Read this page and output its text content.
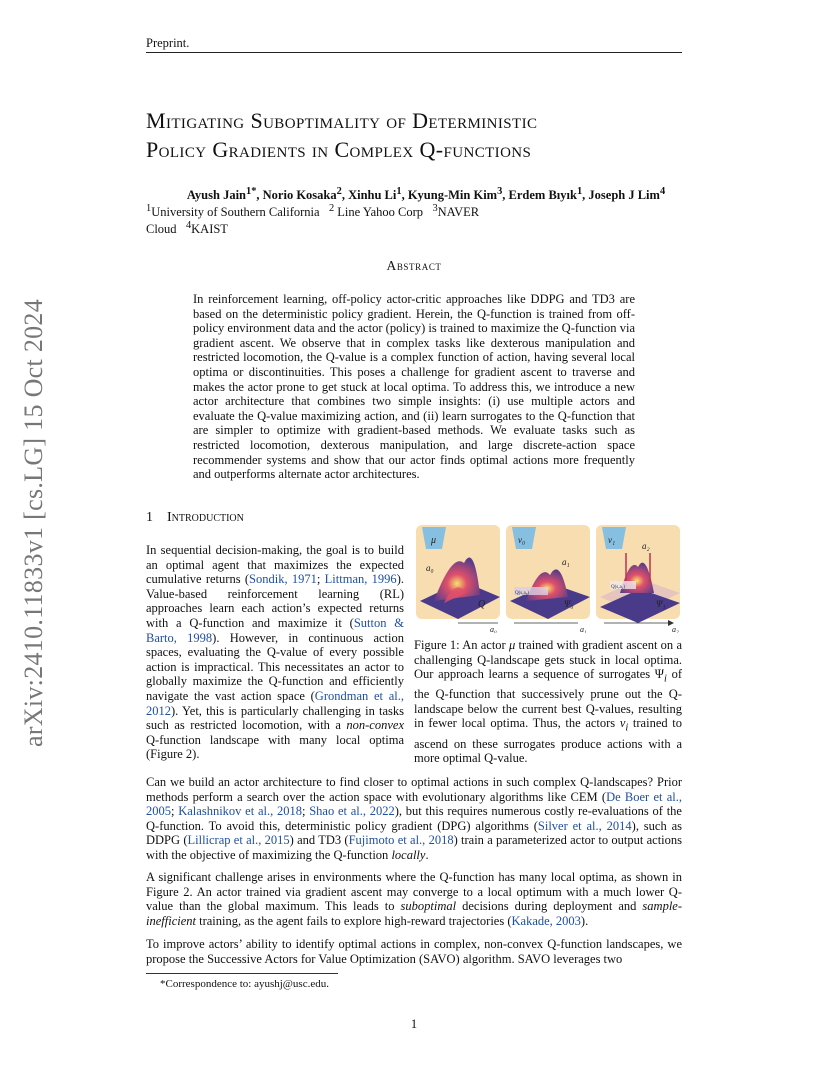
Preprint.
arXiv:2410.11833v1 [cs.LG] 15 Oct 2024
Mitigating Suboptimality of Deterministic
Policy Gradients in Complex Q-functions
Ayush Jain$^{1*}$, Norio Kosaka$^2$, Xinhu Li$^1$, Kyung-Min Kim$^3$, Erdem Bıyık$^1$, Joseph J Lim$^4$
$^1$University of Southern California $^2$ Line Yahoo Corp $^3$NAVER Cloud $^4$KAIST
Abstract

In reinforcement learning, off-policy actor-critic approaches like DDPG and TD3 are based on the deterministic policy gradient. Herein, the Q-function is trained from off-policy environment data and the actor (policy) is trained to maximize the Q-function via gradient ascent. We observe that in complex tasks like dexterous manipulation and restricted locomotion, the Q-value is a complex function of action, having several local optima or discontinuities. This poses a challenge for gradient ascent to traverse and makes the actor prone to get stuck at local optima. To address this, we introduce a new actor architecture that combines two simple insights: (i) use multiple actors and evaluate the Q-value maximizing action, and (ii) learn surrogates to the Q-function that are simpler to optimize with gradient-based methods. We evaluate tasks such as restricted locomotion, dexterous manipulation, and large discrete-action space recommender systems and show that our actor finds optimal actions more frequently and outperforms alternate actor architectures.

1 Introduction

In sequential decision-making, the goal is to build an optimal agent that maximizes the expected cumulative returns (Sondik, 1971; Littman, 1996). Value-based reinforcement learning (RL) approaches learn each action’s expected returns with a Q-function and maximize it (Sutton & Barto, 1998). However, in continuous action spaces, evaluating the Q-value of every possible action is impractical. This necessitates an actor to globally maximize the Q-function and efficiently navigate the vast action space (Grondman et al., 2012). Yet, this is particularly challenging in tasks such as restricted locomotion, with a non-convex Q-function landscape with many local optima (Figure 2).

μ
a₀
Q
ν₀
a₁
Q(s,a₀)
Ψ₀
ν₁
a₂
Q(s,a₁)
Ψ₁
a₀	a₁	a₂

Figure 1: An actor μ trained with gradient ascent on a challenging Q-landscape gets stuck in local optima. Our approach learns a sequence of surrogates $\Psi_i$ of the Q-function that successively prune out the Q-landscape below the current best Q-values, resulting in fewer local optima. Thus, the actors $\nu_i$ trained to ascend on these surrogates produce actions with a more optimal Q-value.

Can we build an actor architecture to find closer to optimal actions in such complex Q-landscapes? Prior methods perform a search over the action space with evolutionary algorithms like CEM (De Boer et al., 2005; Kalashnikov et al., 2018; Shao et al., 2022), but this requires numerous costly re-evaluations of the Q-function. To avoid this, deterministic policy gradient (DPG) algorithms (Silver et al., 2014), such as DDPG (Lillicrap et al., 2015) and TD3 (Fujimoto et al., 2018) train a parameterized actor to output actions with the objective of maximizing the Q-function locally.

A significant challenge arises in environments where the Q-function has many local optima, as shown in Figure 2. An actor trained via gradient ascent may converge to a local optimum with a much lower Q-value than the global maximum. This leads to suboptimal decisions during deployment and sample-inefficient training, as the agent fails to explore high-reward trajectories (Kakade, 2003).

To improve actors’ ability to identify optimal actions in complex, non-convex Q-function landscapes, we propose the Successive Actors for Value Optimization (SAVO) algorithm. SAVO leverages two

*Correspondence to: ayushj@usc.edu.
1
